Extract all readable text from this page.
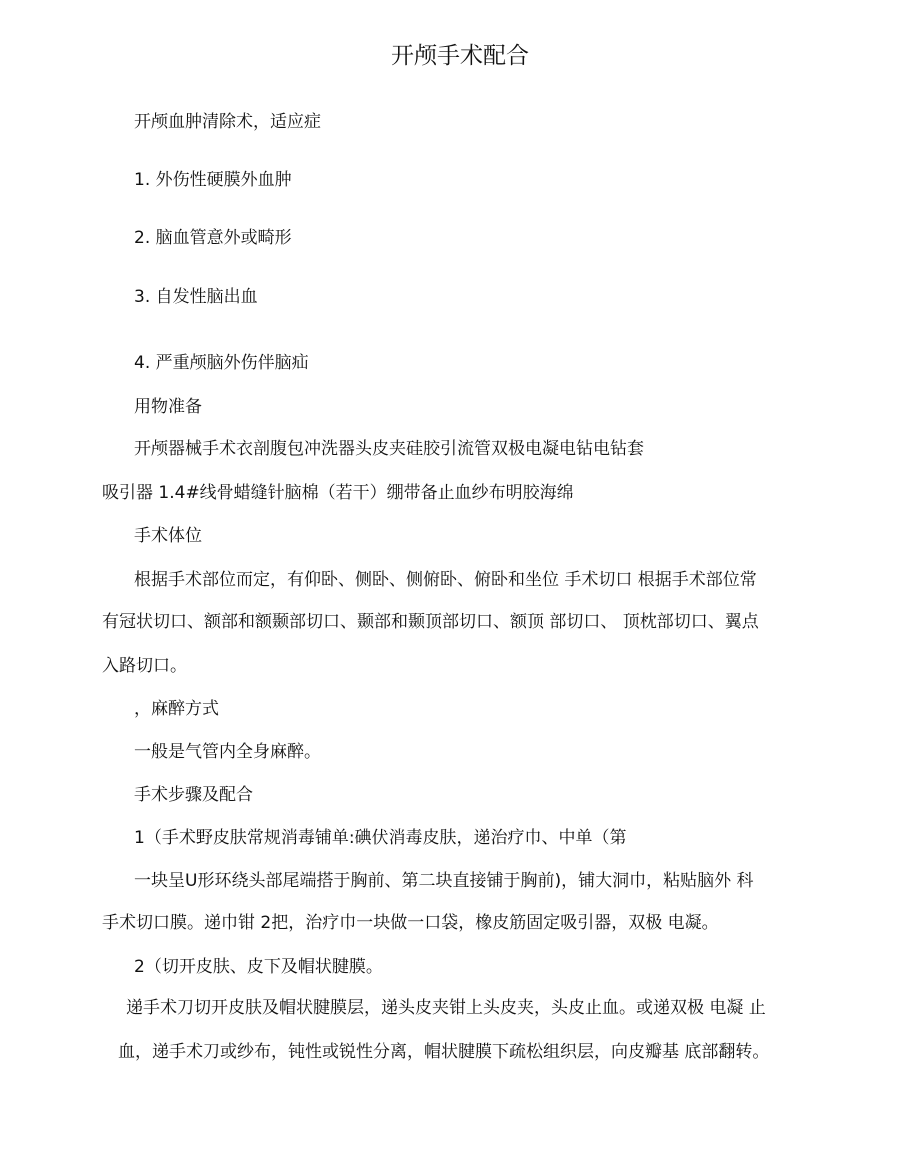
开颅手术配合

开颅血肿清除术，适应症

1. 外伤性硬膜外血肿

2. 脑血管意外或畸形

3. 自发性脑出血

4. 严重颅脑外伤伴脑疝

用物准备

开颅器械手术衣剖腹包冲洗器头皮夹硅胶引流管双极电凝电钻电钻套

吸引器 1.4#线骨蜡缝针脑棉（若干）绷带备止血纱布明胶海绵

手术体位

根据手术部位而定，有仰卧、侧卧、侧俯卧、俯卧和坐位 手术切口 根据手术部位常

有冠状切口、额部和额颞部切口、颞部和颞顶部切口、额顶 部切口、 顶枕部切口、翼点

入路切口。

，麻醉方式

一般是气管内全身麻醉。

手术步骤及配合

1（手术野皮肤常规消毒铺单:碘伏消毒皮肤，递治疗巾、中单（第

一块呈U形环绕头部尾端搭于胸前、第二块直接铺于胸前)，铺大洞巾，粘贴脑外 科

手术切口膜。递巾钳 2把，治疗巾一块做一口袋，橡皮筋固定吸引器，双极 电凝。

2（切开皮肤、皮下及帽状腱膜。

递手术刀切开皮肤及帽状腱膜层，递头皮夹钳上头皮夹，头皮止血。或递双极 电凝 止

血，递手术刀或纱布，钝性或锐性分离，帽状腱膜下疏松组织层，向皮瓣基 底部翻转。
